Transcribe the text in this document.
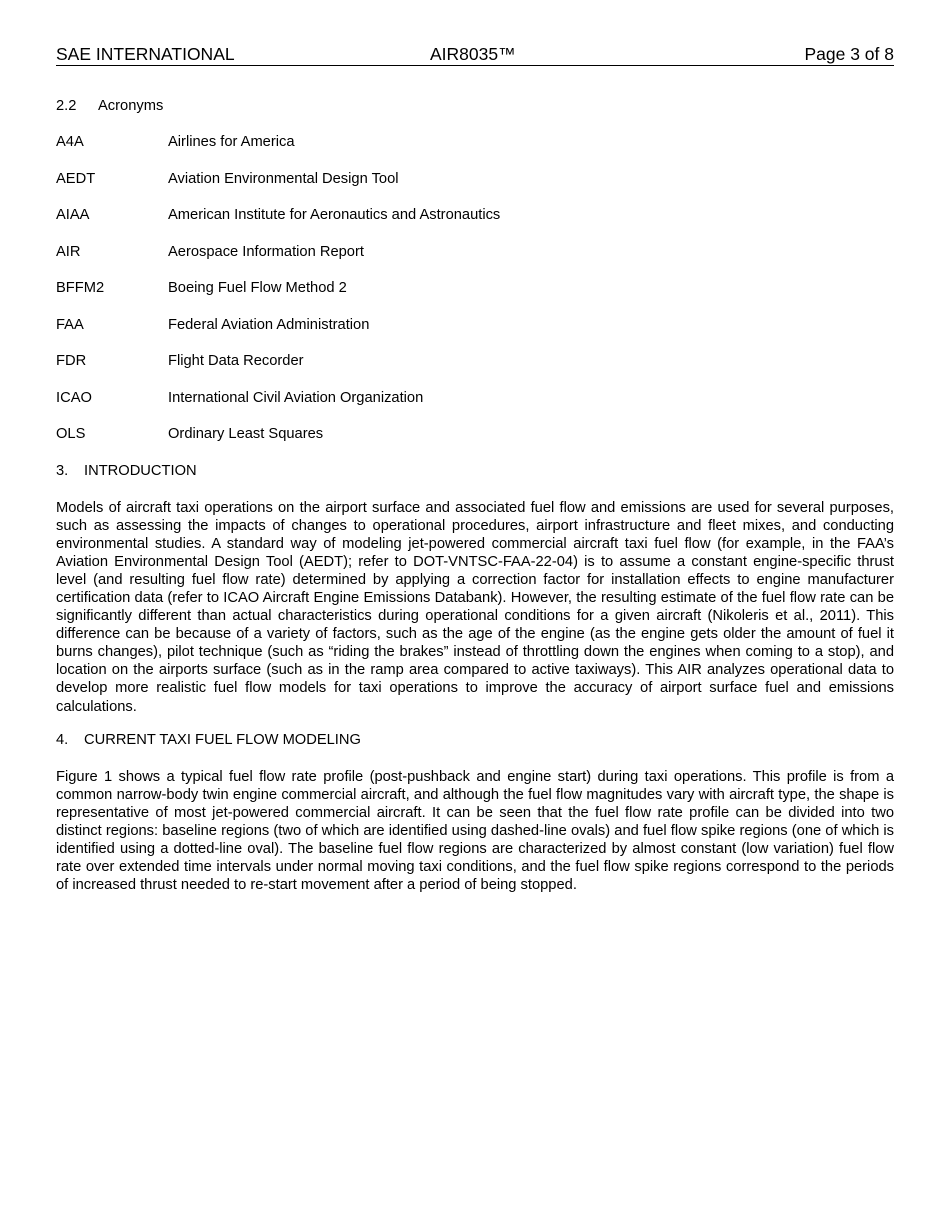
SAE INTERNATIONAL	AIR8035™	Page 3 of 8
2.2 Acronyms
A4A	Airlines for America
AEDT	Aviation Environmental Design Tool
AIAA	American Institute for Aeronautics and Astronautics
AIR	Aerospace Information Report
BFFM2	Boeing Fuel Flow Method 2
FAA	Federal Aviation Administration
FDR	Flight Data Recorder
ICAO	International Civil Aviation Organization
OLS	Ordinary Least Squares
3. INTRODUCTION

Models of aircraft taxi operations on the airport surface and associated fuel flow and emissions are used for several purposes, such as assessing the impacts of changes to operational procedures, airport infrastructure and fleet mixes, and conducting environmental studies. A standard way of modeling jet-powered commercial aircraft taxi fuel flow (for example, in the FAA’s Aviation Environmental Design Tool (AEDT); refer to DOT-VNTSC-FAA-22-04) is to assume a constant engine-specific thrust level (and resulting fuel flow rate) determined by applying a correction factor for installation effects to engine manufacturer certification data (refer to ICAO Aircraft Engine Emissions Databank). However, the resulting estimate of the fuel flow rate can be significantly different than actual characteristics during operational conditions for a given aircraft (Nikoleris et al., 2011). This difference can be because of a variety of factors, such as the age of the engine (as the engine gets older the amount of fuel it burns changes), pilot technique (such as “riding the brakes” instead of throttling down the engines when coming to a stop), and location on the airports surface (such as in the ramp area compared to active taxiways). This AIR analyzes operational data to develop more realistic fuel flow models for taxi operations to improve the accuracy of airport surface fuel and emissions calculations.

4. CURRENT TAXI FUEL FLOW MODELING

Figure 1 shows a typical fuel flow rate profile (post-pushback and engine start) during taxi operations. This profile is from a common narrow-body twin engine commercial aircraft, and although the fuel flow magnitudes vary with aircraft type, the shape is representative of most jet-powered commercial aircraft. It can be seen that the fuel flow rate profile can be divided into two distinct regions: baseline regions (two of which are identified using dashed-line ovals) and fuel flow spike regions (one of which is identified using a dotted-line oval). The baseline fuel flow regions are characterized by almost constant (low variation) fuel flow rate over extended time intervals under normal moving taxi conditions, and the fuel flow spike regions correspond to the periods of increased thrust needed to re-start movement after a period of being stopped.
